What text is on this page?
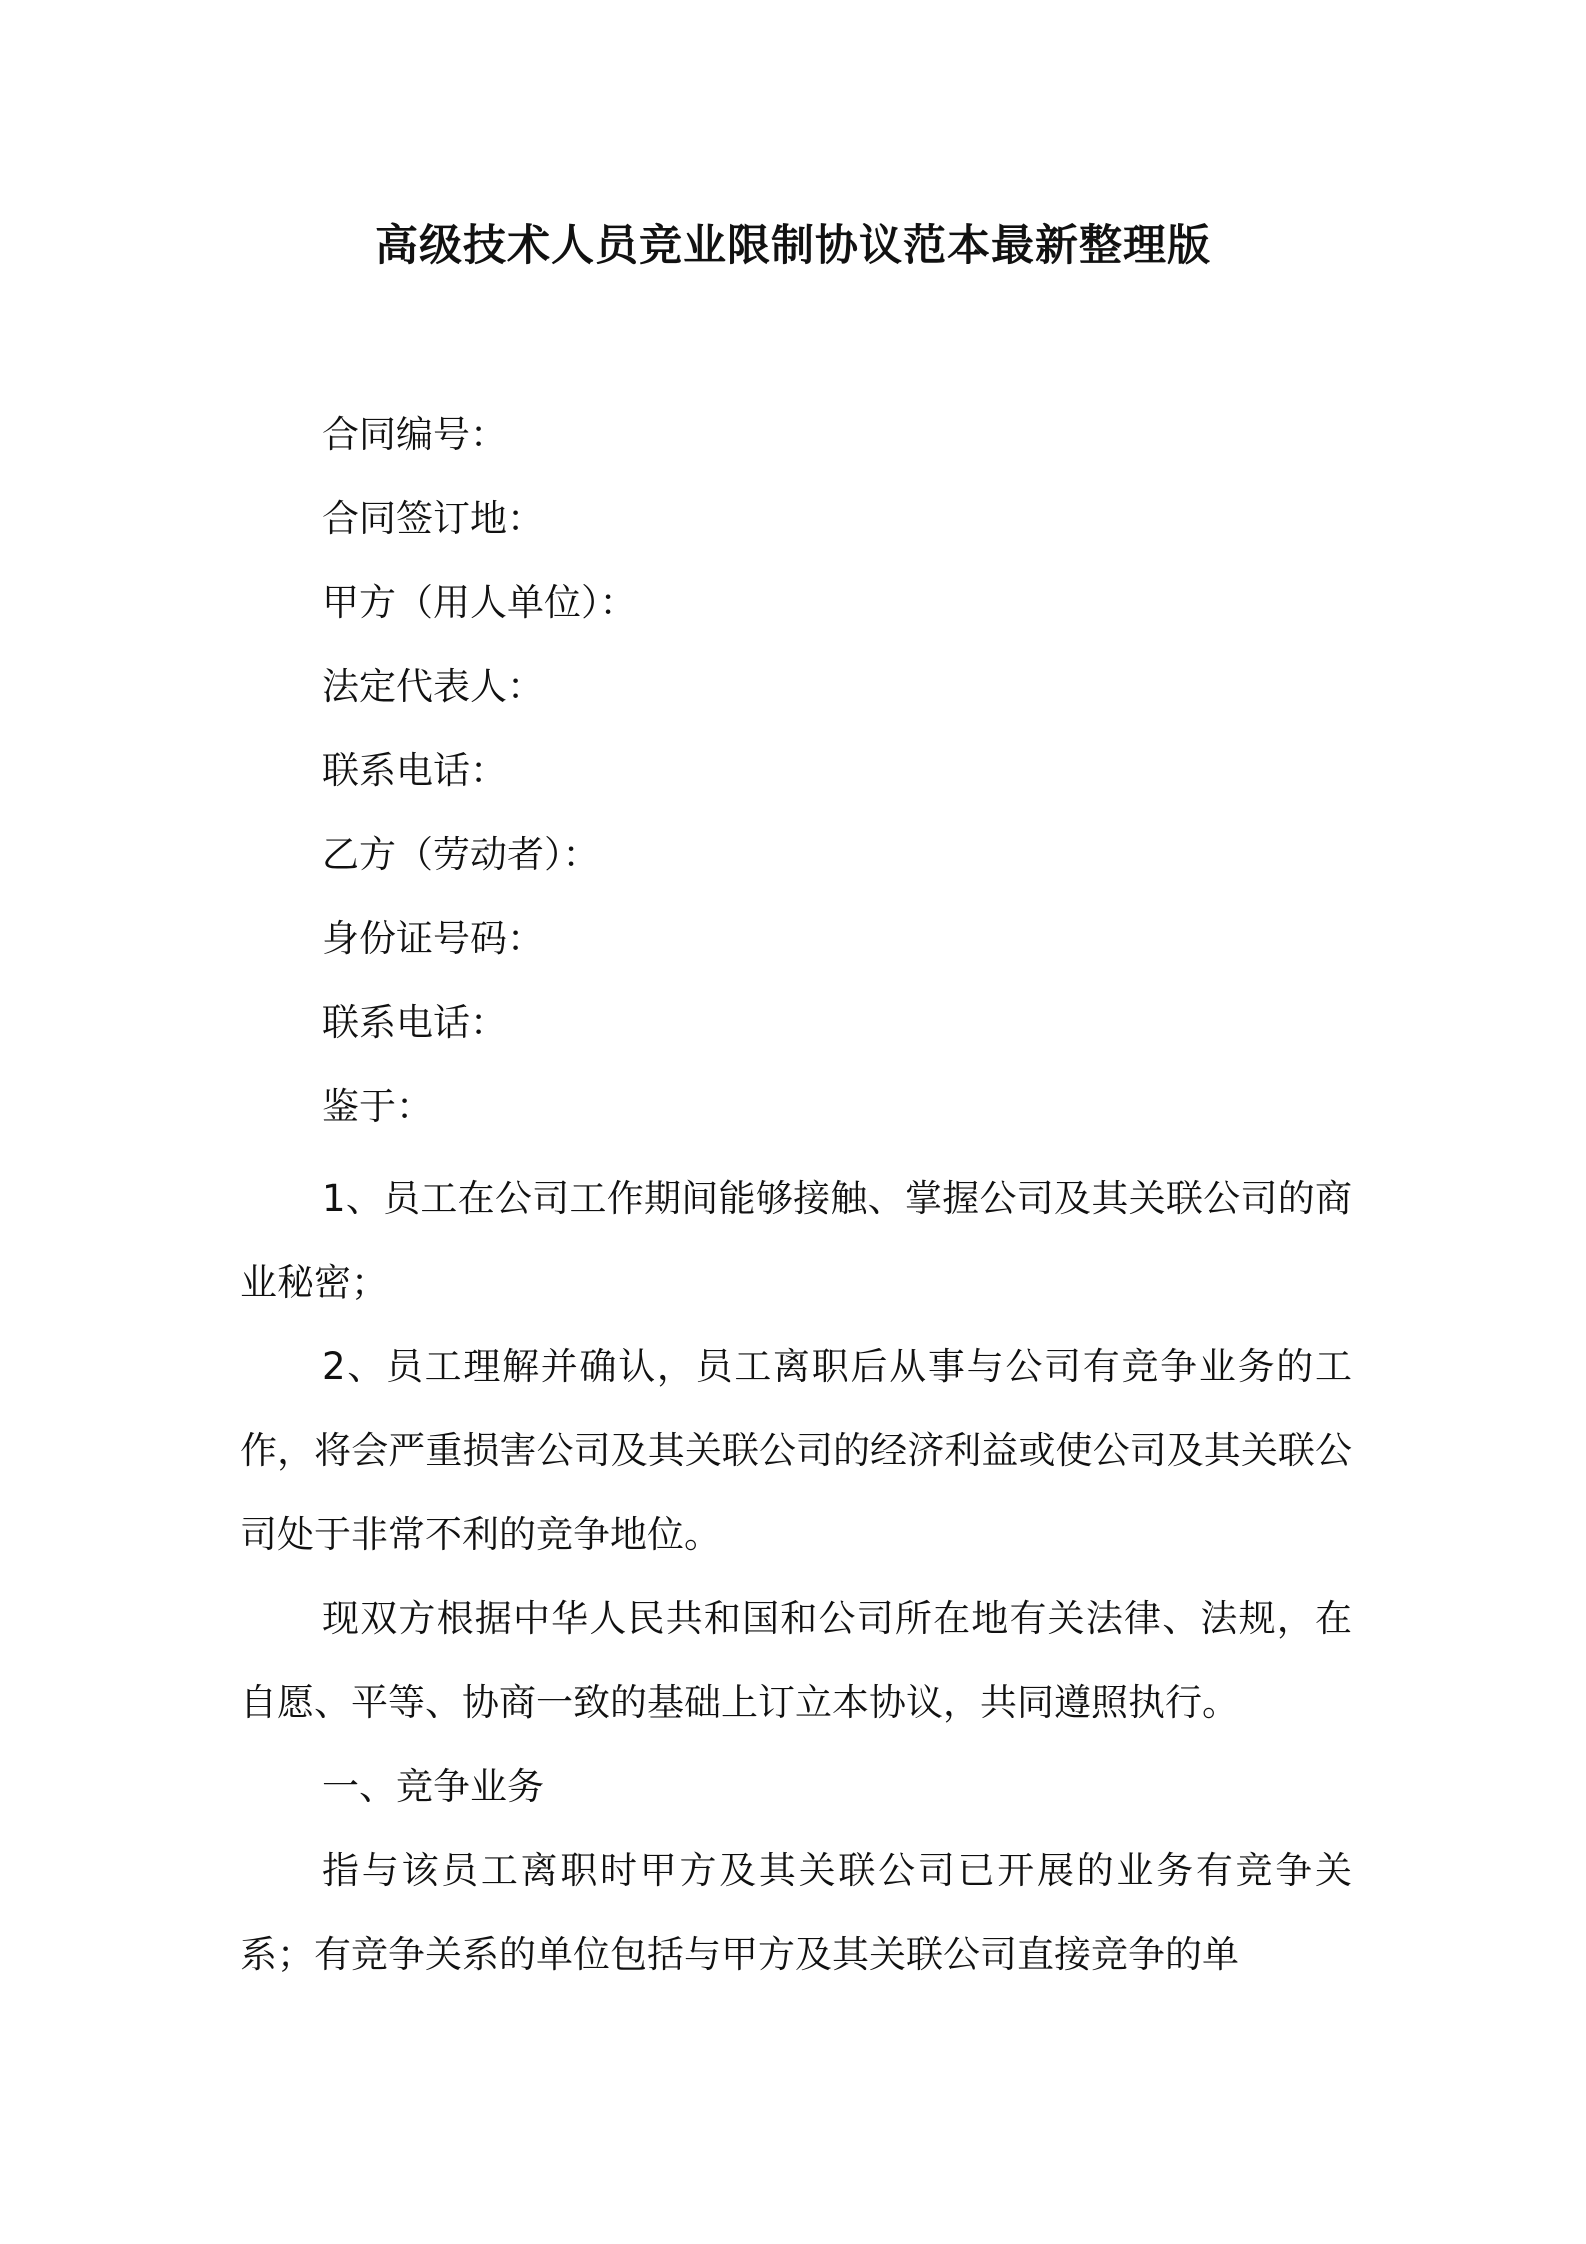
高级技术人员竞业限制协议范本最新整理版
合同编号：
合同签订地：
甲方（用人单位）：
法定代表人：
联系电话：
乙方（劳动者）：
身份证号码：
联系电话：
鉴于：

1、员工在公司工作期间能够接触、掌握公司及其关联公司的商业秘密；

2、员工理解并确认，员工离职后从事与公司有竞争业务的工作，将会严重损害公司及其关联公司的经济利益或使公司及其关联公司处于非常不利的竞争地位。

现双方根据中华人民共和国和公司所在地有关法律、法规，在自愿、平等、协商一致的基础上订立本协议，共同遵照执行。

一、竞争业务

指与该员工离职时甲方及其关联公司已开展的业务有竞争关系；有竞争关系的单位包括与甲方及其关联公司直接竞争的单
